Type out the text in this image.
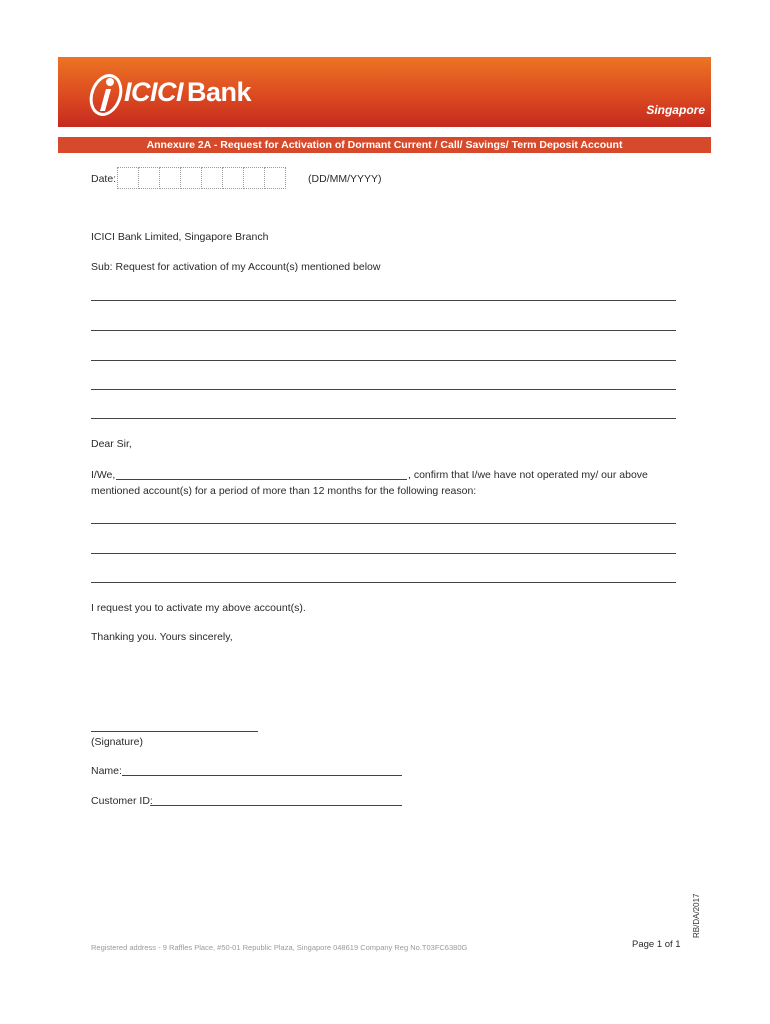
ICICI Bank
Singapore
Annexure 2A - Request for Activation of Dormant Current / Call/ Savings/ Term Deposit Account
Date:	(DD/MM/YYYY)
ICICI Bank Limited, Singapore Branch
Sub: Request for activation of my Account(s) mentioned below
Dear Sir,
I/We,	, confirm that I/we have not operated my/ our above
mentioned account(s) for a period of more than 12 months for the following reason:
I request you to activate my above account(s).
Thanking you. Yours sincerely,
(Signature)
Name:
Customer ID:
RB/DA/2017
Registered address - 9 Raffles Place, #50-01 Republic Plaza, Singapore 048619 Company Reg No.T03FC6380G	Page 1 of 1
